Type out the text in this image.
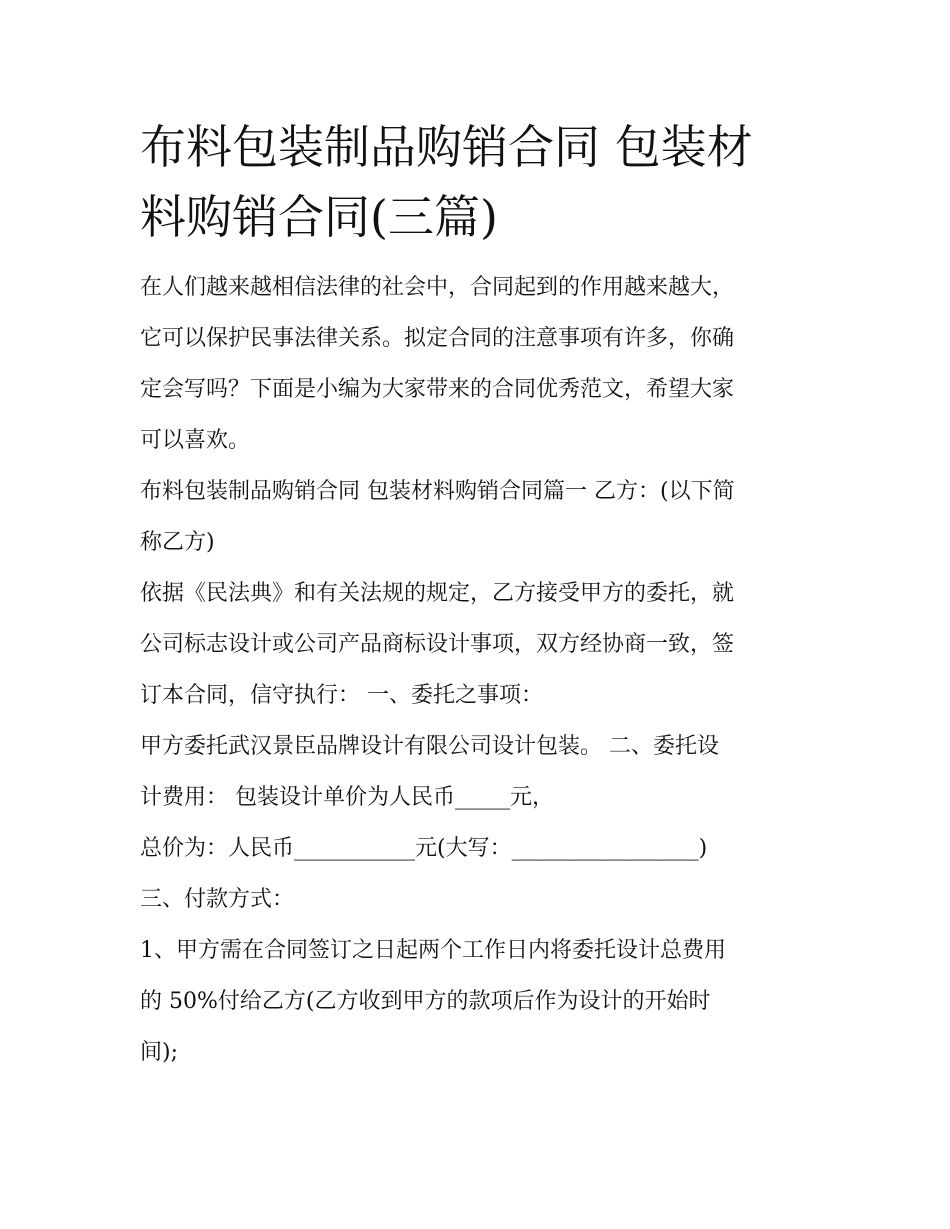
布料包装制品购销合同 包装材
料购销合同(三篇)
在人们越来越相信法律的社会中，合同起到的作用越来越大，
它可以保护民事法律关系。拟定合同的注意事项有许多，你确
定会写吗？下面是小编为大家带来的合同优秀范文，希望大家
可以喜欢。
布料包装制品购销合同 包装材料购销合同篇一 乙方：(以下简
称乙方)
依据《民法典》和有关法规的规定，乙方接受甲方的委托，就
公司标志设计或公司产品商标设计事项，双方经协商一致，签
订本合同，信守执行： 一、委托之事项：
甲方委托武汉景臣品牌设计有限公司设计包装。 二、委托设
计费用： 包装设计单价为人民币_____元，
总价为：人民币___________元(大写：_________________)
三、付款方式：
1、甲方需在合同签订之日起两个工作日内将委托设计总费用
的 50%付给乙方(乙方收到甲方的款项后作为设计的开始时
间);
